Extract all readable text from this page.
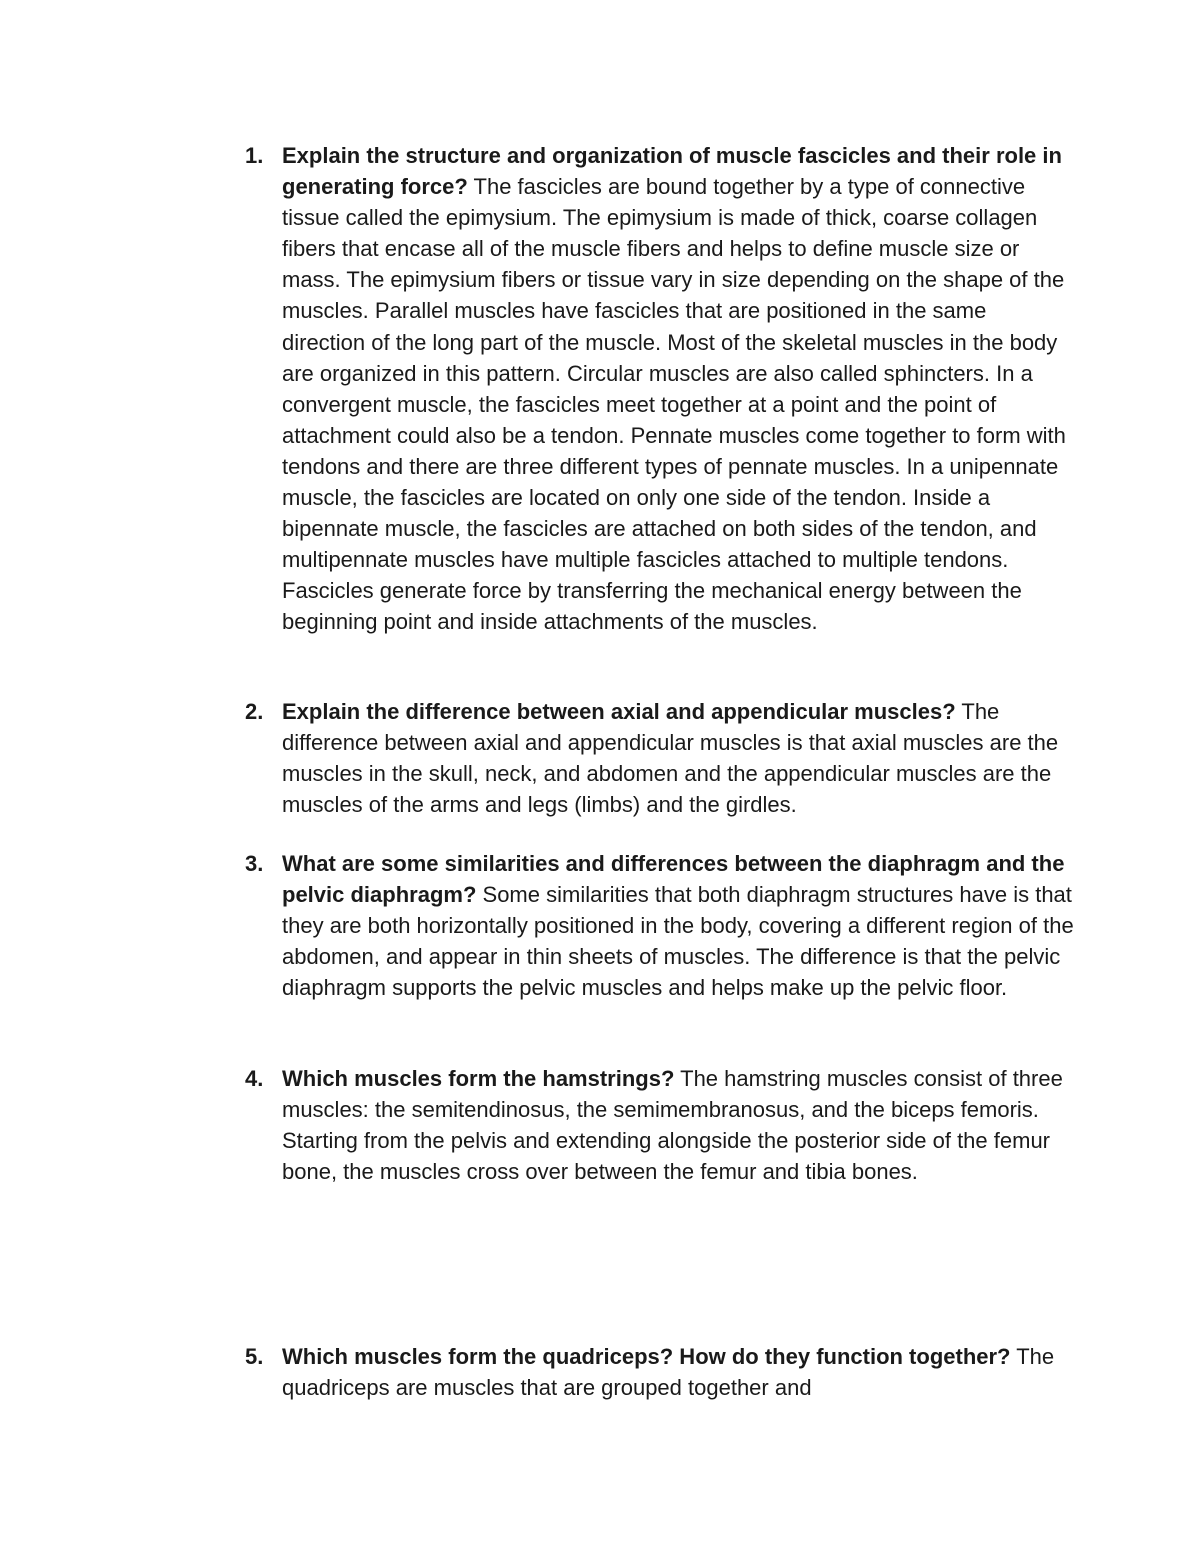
1. Explain the structure and organization of muscle fascicles and their role in generating force? The fascicles are bound together by a type of connective tissue called the epimysium. The epimysium is made of thick, coarse collagen fibers that encase all of the muscle fibers and helps to define muscle size or mass. The epimysium fibers or tissue vary in size depending on the shape of the muscles. Parallel muscles have fascicles that are positioned in the same direction of the long part of the muscle. Most of the skeletal muscles in the body are organized in this pattern. Circular muscles are also called sphincters. In a convergent muscle, the fascicles meet together at a point and the point of attachment could also be a tendon. Pennate muscles come together to form with tendons and there are three different types of pennate muscles. In a unipennate muscle, the fascicles are located on only one side of the tendon. Inside a bipennate muscle, the fascicles are attached on both sides of the tendon, and multipennate muscles have multiple fascicles attached to multiple tendons. Fascicles generate force by transferring the mechanical energy between the beginning point and inside attachments of the muscles.
2. Explain the difference between axial and appendicular muscles? The difference between axial and appendicular muscles is that axial muscles are the muscles in the skull, neck, and abdomen and the appendicular muscles are the muscles of the arms and legs (limbs) and the girdles.
3. What are some similarities and differences between the diaphragm and the pelvic diaphragm? Some similarities that both diaphragm structures have is that they are both horizontally positioned in the body, covering a different region of the abdomen, and appear in thin sheets of muscles. The difference is that the pelvic diaphragm supports the pelvic muscles and helps make up the pelvic floor.
4. Which muscles form the hamstrings? The hamstring muscles consist of three muscles: the semitendinosus, the semimembranosus, and the biceps femoris. Starting from the pelvis and extending alongside the posterior side of the femur bone, the muscles cross over between the femur and tibia bones.
5. Which muscles form the quadriceps? How do they function together? The quadriceps are muscles that are grouped together and
